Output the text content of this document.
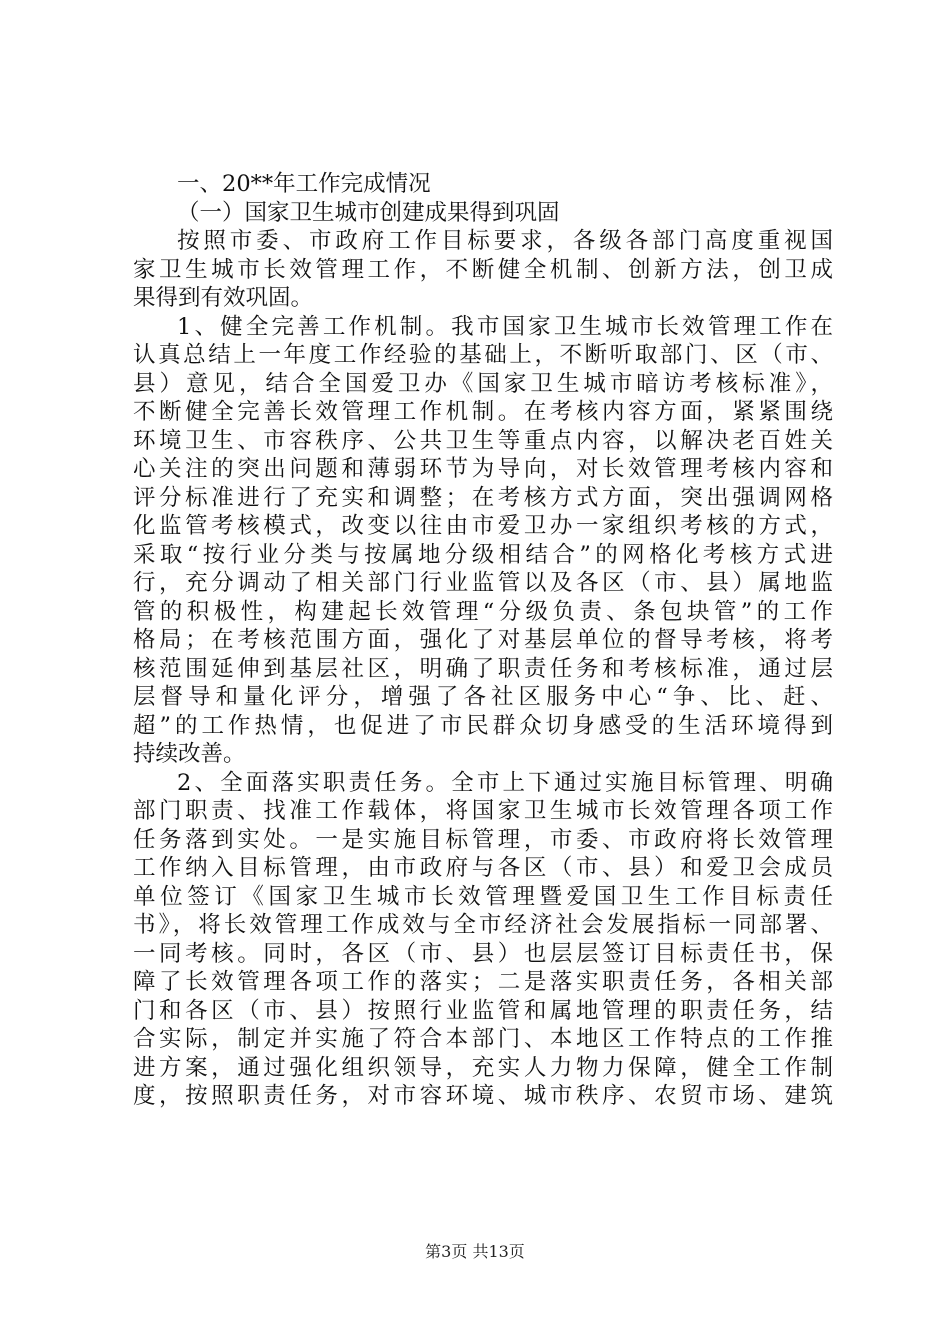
一、20**年工作完成情况
（一）国家卫生城市创建成果得到巩固
按照市委、市政府工作目标要求，各级各部门高度重视国
家卫生城市长效管理工作，不断健全机制、创新方法，创卫成
果得到有效巩固。
1、健全完善工作机制。我市国家卫生城市长效管理工作在
认真总结上一年度工作经验的基础上，不断听取部门、区（市、
县）意见，结合全国爱卫办《国家卫生城市暗访考核标准》，
不断健全完善长效管理工作机制。在考核内容方面，紧紧围绕
环境卫生、市容秩序、公共卫生等重点内容，以解决老百姓关
心关注的突出问题和薄弱环节为导向，对长效管理考核内容和
评分标准进行了充实和调整；在考核方式方面，突出强调网格
化监管考核模式，改变以往由市爱卫办一家组织考核的方式，
采取“按行业分类与按属地分级相结合”的网格化考核方式进
行，充分调动了相关部门行业监管以及各区（市、县）属地监
管的积极性，构建起长效管理“分级负责、条包块管”的工作
格局；在考核范围方面，强化了对基层单位的督导考核，将考
核范围延伸到基层社区，明确了职责任务和考核标准，通过层
层督导和量化评分，增强了各社区服务中心“争、比、赶、
超”的工作热情，也促进了市民群众切身感受的生活环境得到
持续改善。
2、全面落实职责任务。全市上下通过实施目标管理、明确
部门职责、找准工作载体，将国家卫生城市长效管理各项工作
任务落到实处。一是实施目标管理，市委、市政府将长效管理
工作纳入目标管理，由市政府与各区（市、县）和爱卫会成员
单位签订《国家卫生城市长效管理暨爱国卫生工作目标责任
书》，将长效管理工作成效与全市经济社会发展指标一同部署、
一同考核。同时，各区（市、县）也层层签订目标责任书，保
障了长效管理各项工作的落实；二是落实职责任务，各相关部
门和各区（市、县）按照行业监管和属地管理的职责任务，结
合实际，制定并实施了符合本部门、本地区工作特点的工作推
进方案，通过强化组织领导，充实人力物力保障，健全工作制
度，按照职责任务，对市容环境、城市秩序、农贸市场、建筑
第3页 共13页
